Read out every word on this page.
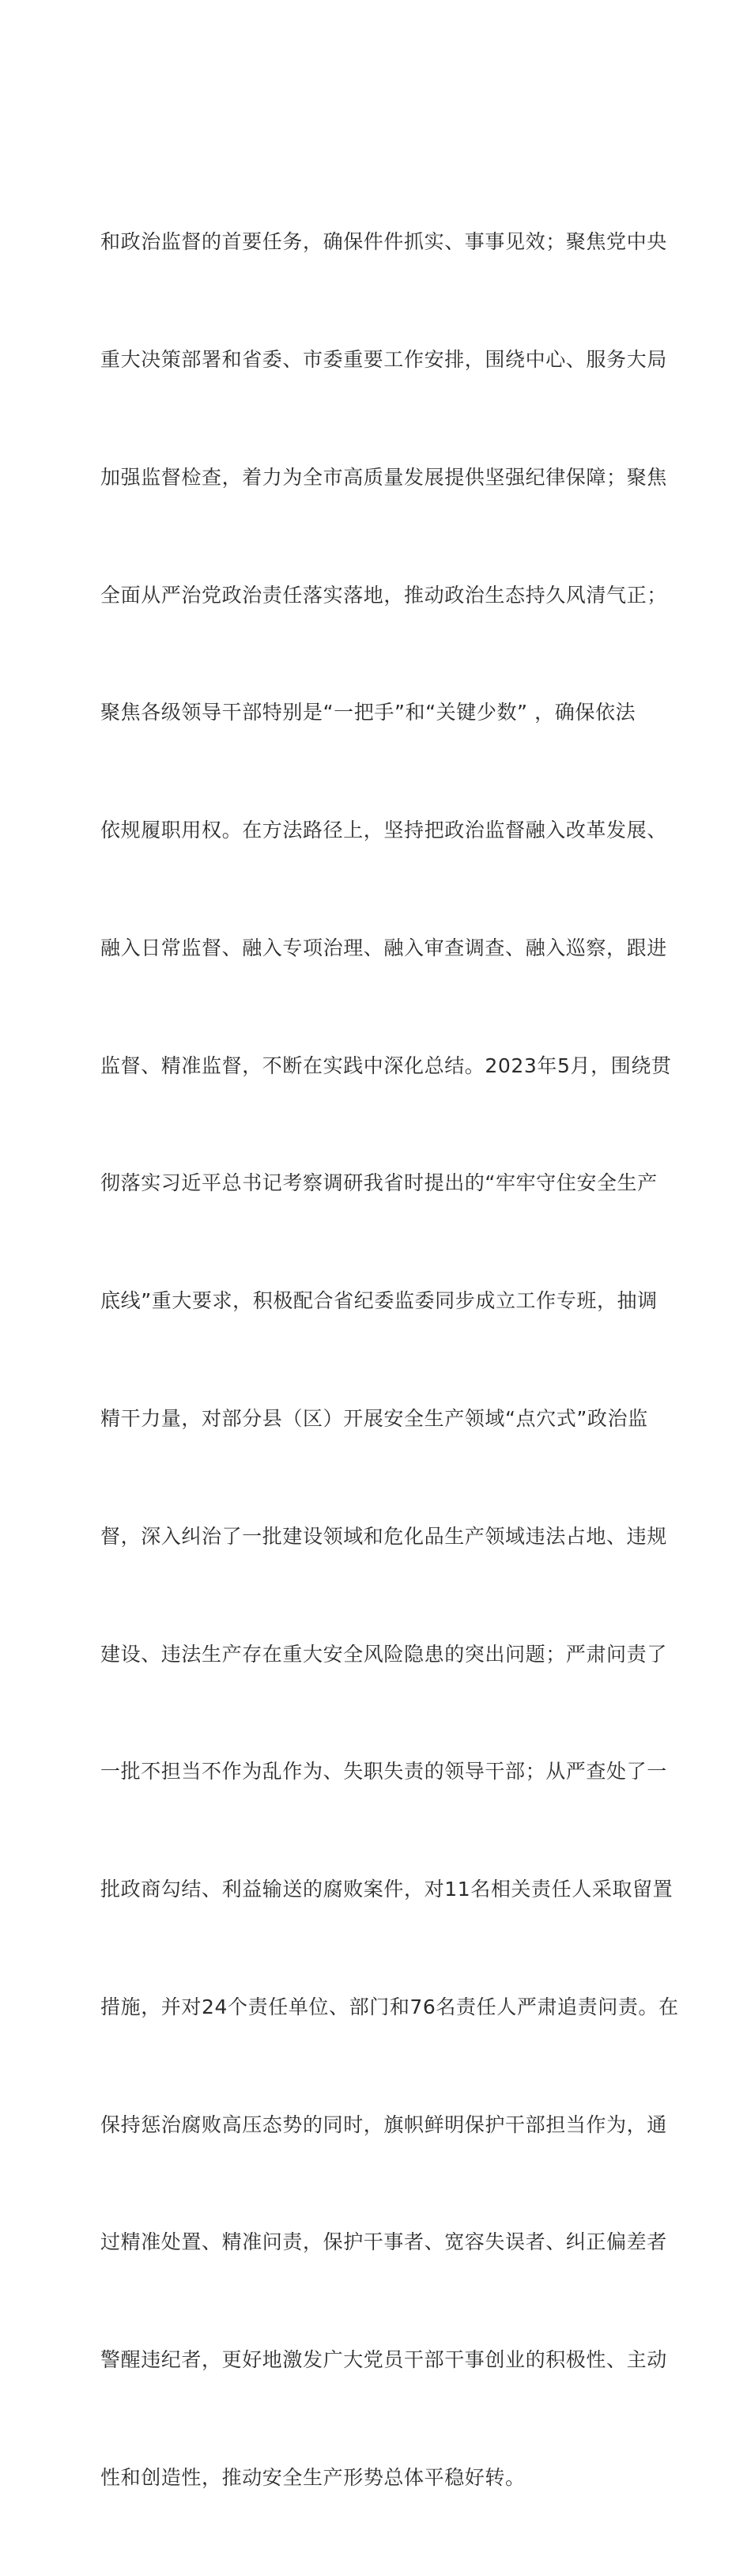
和政治监督的首要任务，确保件件抓实、事事见效；聚焦党中央

重大决策部署和省委、市委重要工作安排，围绕中心、服务大局

加强监督检查，着力为全市高质量发展提供坚强纪律保障；聚焦

全面从严治党政治责任落实落地，推动政治生态持久风清气正；

聚焦各级领导干部特别是“一把手”和“关键少数” ，确保依法

依规履职用权。在方法路径上，坚持把政治监督融入改革发展、

融入日常监督、融入专项治理、融入审查调查、融入巡察，跟进

监督、精准监督，不断在实践中深化总结。2023年5月，围绕贯

彻落实习近平总书记考察调研我省时提出的“牢牢守住安全生产

底线”重大要求，积极配合省纪委监委同步成立工作专班，抽调

精干力量，对部分县（区）开展安全生产领域“点穴式”政治监

督，深入纠治了一批建设领域和危化品生产领域违法占地、违规

建设、违法生产存在重大安全风险隐患的突出问题；严肃问责了

一批不担当不作为乱作为、失职失责的领导干部；从严查处了一

批政商勾结、利益输送的腐败案件，对11名相关责任人采取留置

措施，并对24个责任单位、部门和76名责任人严肃追责问责。在

保持惩治腐败高压态势的同时，旗帜鲜明保护干部担当作为，通

过精准处置、精准问责，保护干事者、宽容失误者、纠正偏差者

警醒违纪者，更好地激发广大党员干部干事创业的积极性、主动

性和创造性，推动安全生产形势总体平稳好转。
